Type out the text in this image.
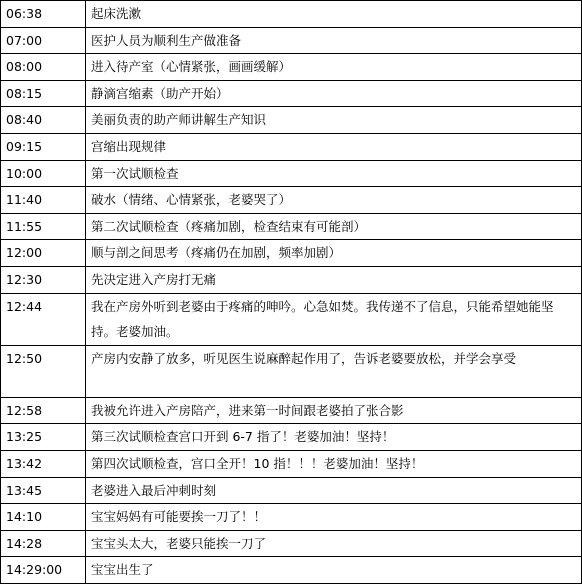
06:38	起床洗漱
07:00	医护人员为顺利生产做准备
08:00	进入待产室（心情紧张，画画缓解）
08:15	静滴宫缩素（助产开始）
08:40	美丽负责的助产师讲解生产知识
09:15	宫缩出现规律
10:00	第一次试顺检查
11:40	破水（情绪、心情紧张，老婆哭了）
11:55	第二次试顺检查（疼痛加剧，检查结束有可能剖）
12:00	顺与剖之间思考（疼痛仍在加剧，频率加剧）
12:30	先决定进入产房打无痛
12:44	我在产房外听到老婆由于疼痛的呻吟。心急如焚。我传递不了信息，只能希望她能坚持。老婆加油。
12:50	产房内安静了放多，听见医生说麻醉起作用了，告诉老婆要放松，并学会享受
12:58	我被允许进入产房陪产，进来第一时间跟老婆拍了张合影
13:25	第三次试顺检查宫口开到 6-7 指了！老婆加油！坚持！
13:42	第四次试顺检查，宫口全开！10 指！！！老婆加油！坚持！
13:45	老婆进入最后冲刺时刻
14:10	宝宝妈妈有可能要挨一刀了！！
14:28	宝宝头太大，老婆只能挨一刀了
14:29:00	宝宝出生了
